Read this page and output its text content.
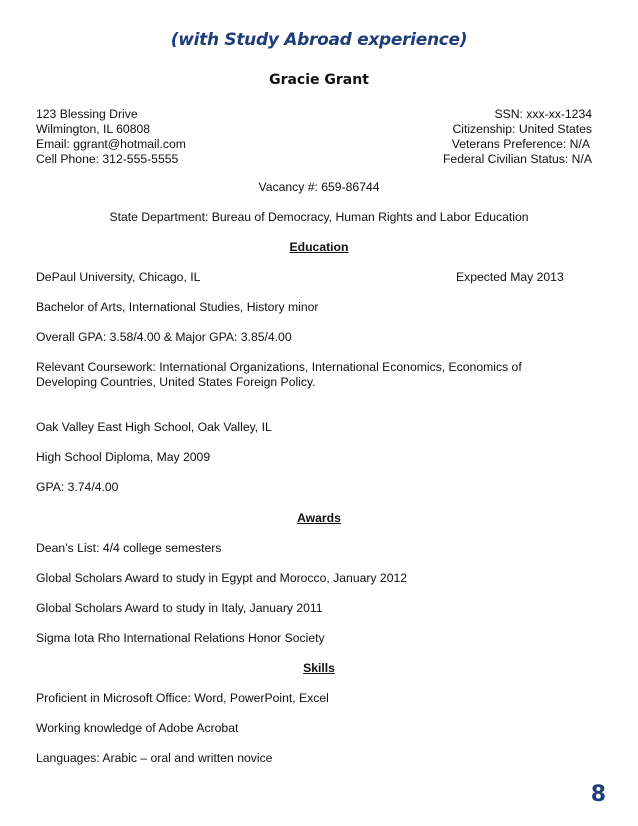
(with Study Abroad experience)
Gracie Grant
123 Blessing Drive
Wilmington, IL 60808
Email: ggrant@hotmail.com
Cell Phone: 312-555-5555
SSN: xxx-xx-1234
Citizenship: United States
Veterans Preference: N/A
Federal Civilian Status: N/A
Vacancy #: 659-86744
State Department: Bureau of Democracy, Human Rights and Labor Education
Education
DePaul University, Chicago, IL	Expected May 2013
Bachelor of Arts, International Studies, History minor
Overall GPA: 3.58/4.00 & Major GPA: 3.85/4.00
Relevant Coursework: International Organizations, International Economics, Economics of
Developing Countries, United States Foreign Policy.
Oak Valley East High School, Oak Valley, IL
High School Diploma, May 2009
GPA: 3.74/4.00
Awards
Dean’s List: 4/4 college semesters
Global Scholars Award to study in Egypt and Morocco, January 2012
Global Scholars Award to study in Italy, January 2011
Sigma Iota Rho International Relations Honor Society
Skills
Proficient in Microsoft Office: Word, PowerPoint, Excel
Working knowledge of Adobe Acrobat
Languages: Arabic – oral and written novice
8
